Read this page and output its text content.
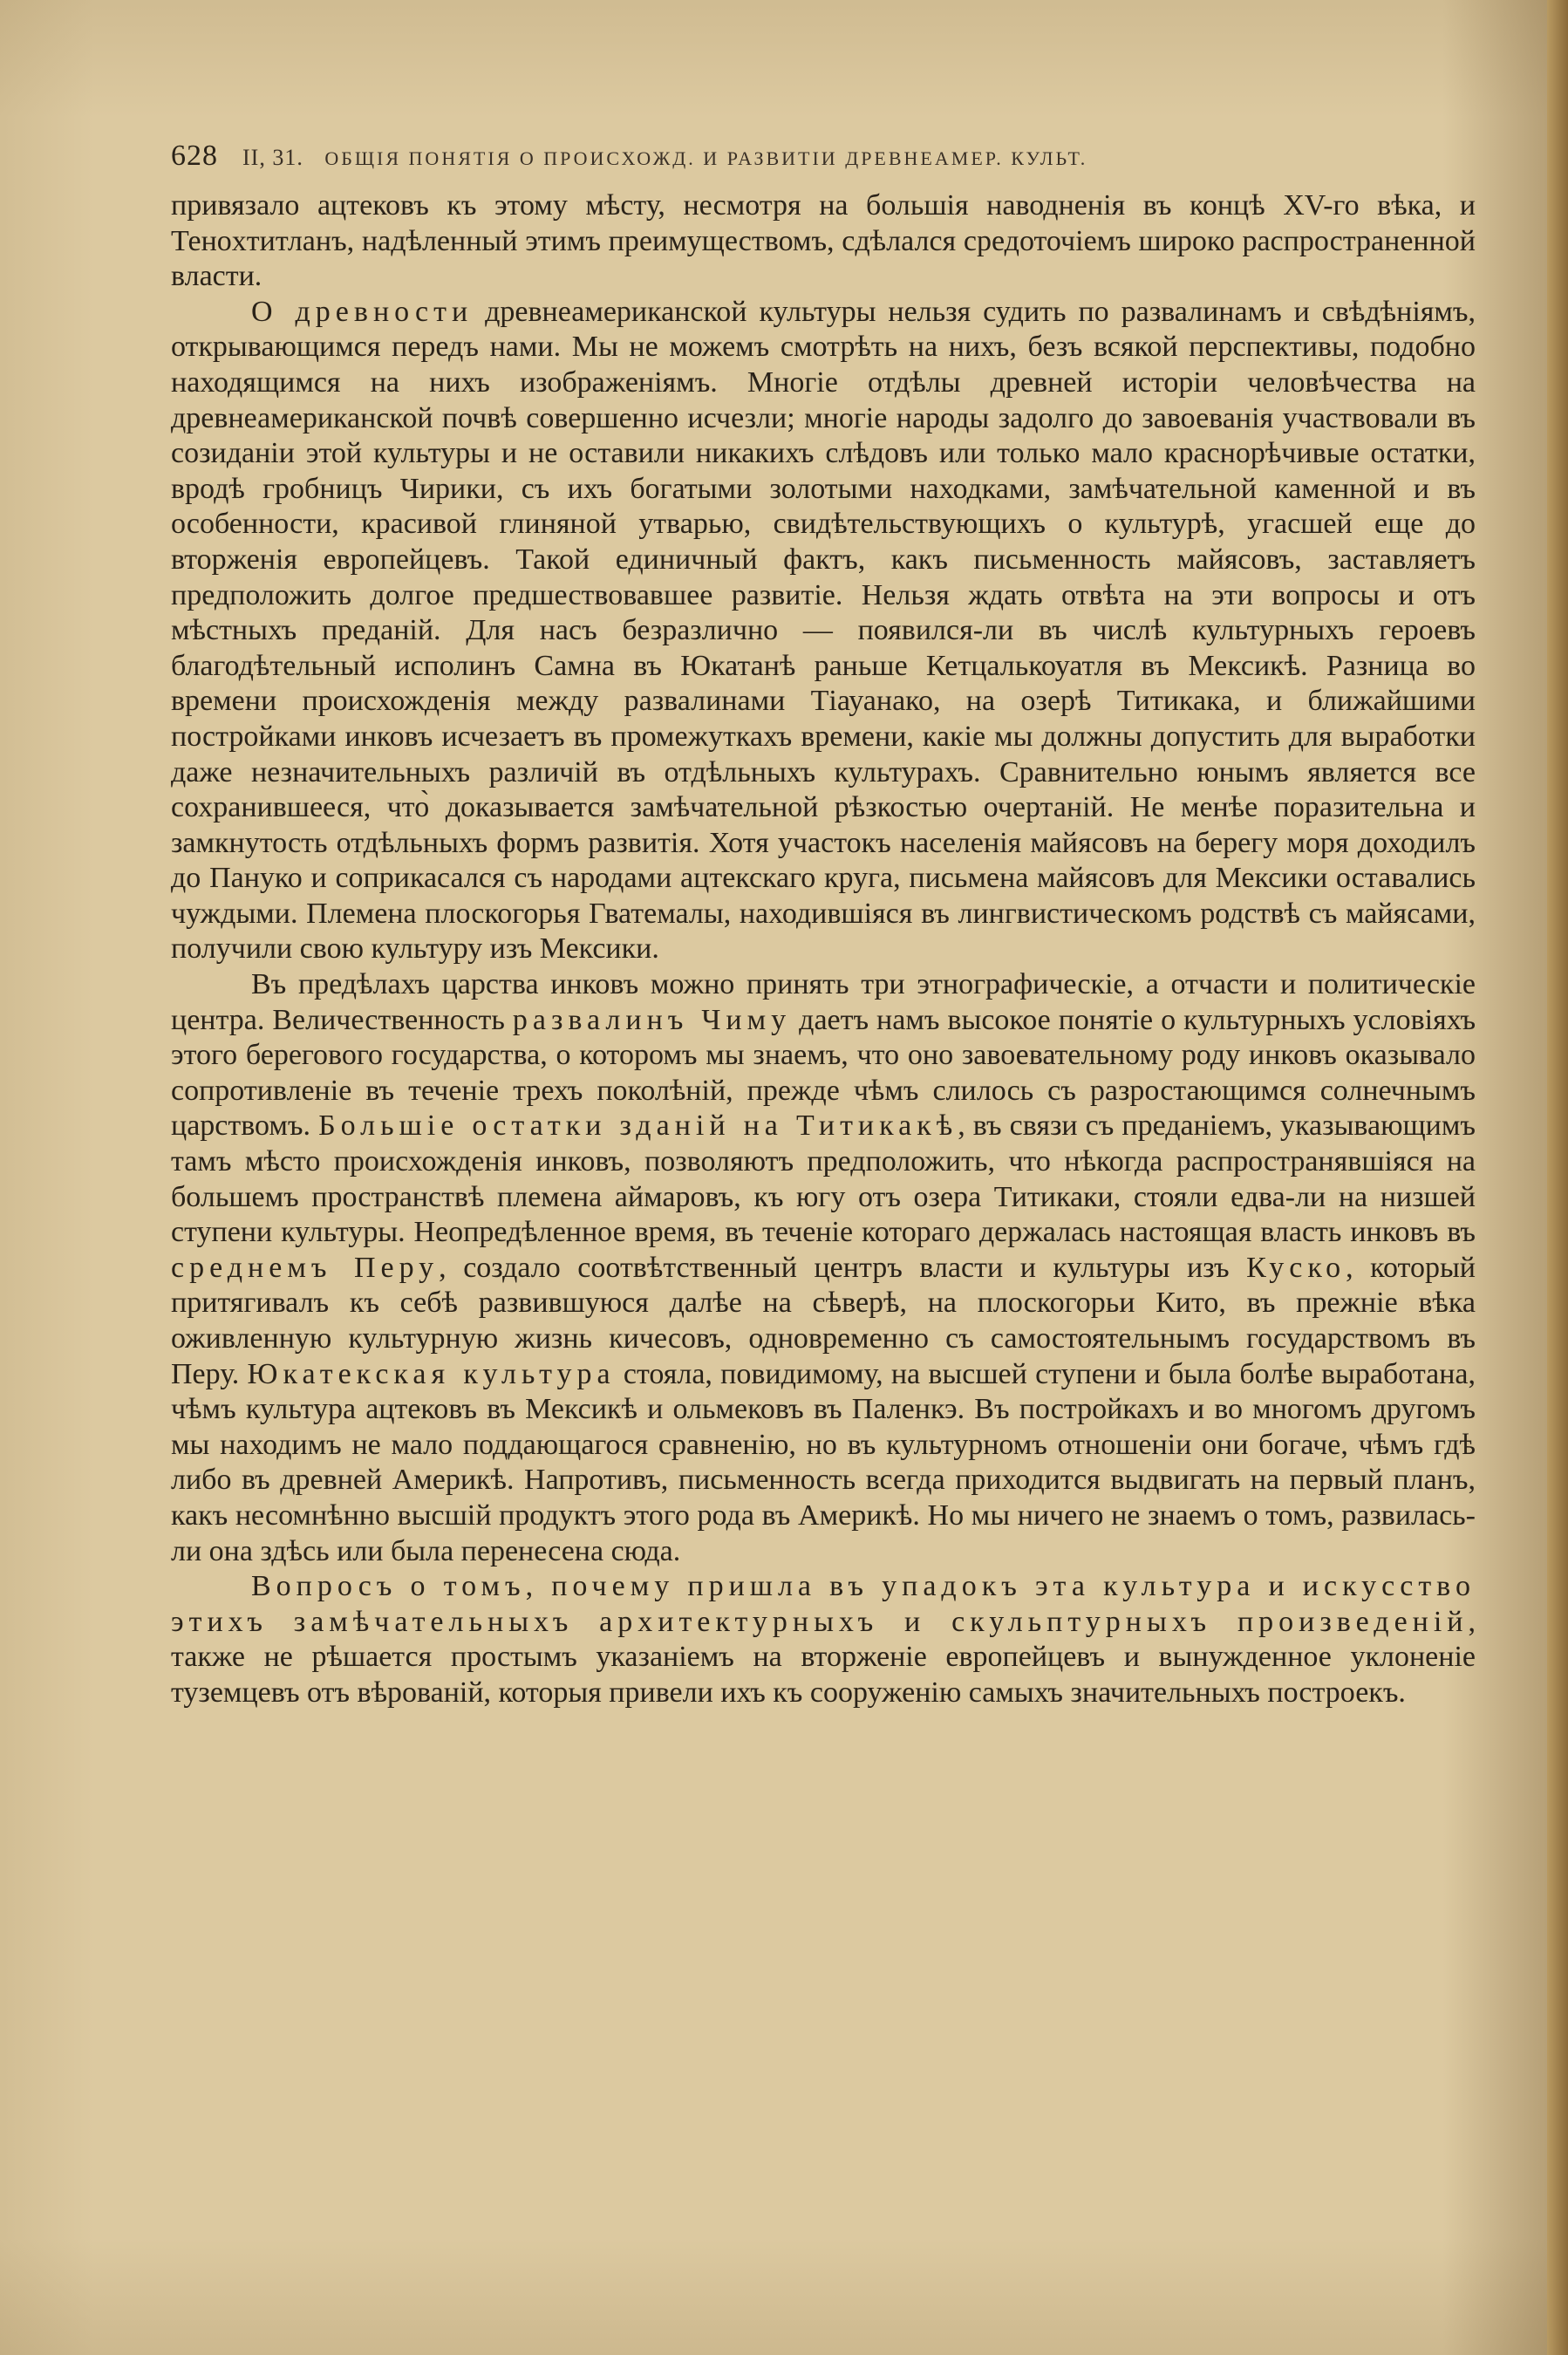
628 II, 31. ОБЩІЯ ПОНЯТІЯ О ПРОИСХОЖД. И РАЗВИТІИ ДРЕВНЕАМЕР. КУЛЬТ.

привязало ацтековъ къ этому мѣсту, несмотря на большія наводненія въ концѣ XV-го вѣка, и Теноxтитланъ, надѣленный этимъ преимуществомъ, сдѣлался средоточіемъ широко распространенной власти.

О древности древнеамериканской культуры нельзя судить по развалинамъ и свѣдѣніямъ, открывающимся передъ нами. Мы не можемъ смотрѣть на нихъ, безъ всякой перспективы, подобно находящимся на нихъ изображеніямъ. Многіе отдѣлы древней исторіи человѣчества на древнеамериканской почвѣ совершенно исчезли; многіе народы задолго до завоеванія участвовали въ созиданіи этой культуры и не оставили никакихъ слѣдовъ или только мало краснорѣчивые остатки, вродѣ гробницъ Чирики, съ ихъ богатыми золотыми находками, замѣчательной каменной и въ особенности, красивой глиняной утварью, свидѣтельствующихъ о культурѣ, угасшей еще до вторженія европейцевъ. Такой единичный фактъ, какъ письменность майясовъ, заставляетъ предположить долгое предшествовавшее развитіе. Нельзя ждать отвѣта на эти вопросы и отъ мѣстныхъ преданій. Для насъ безразлично — появился-ли въ числѣ культурныхъ героевъ благодѣтельный исполинъ Самна въ Юкатанѣ раньше Кетцалькоуатля въ Мексикѣ. Разница во времени происхожденія между развалинами Тіауанако, на озерѣ Титикака, и ближайшими постройками инковъ исчезаетъ въ промежуткахъ времени, какіе мы должны допустить для выработки даже незначительныхъ различій въ отдѣльныхъ культурахъ. Сравнительно юнымъ является все сохранившееся, что̀ доказывается замѣчательной рѣзкостью очертаній. Не менѣе поразительна и замкнутость отдѣльныхъ формъ развитія. Хотя участокъ населенія майясовъ на берегу моря доходилъ до Пануко и соприкасался съ народами ацтекскаго круга, письмена майясовъ для Мексики оставались чуждыми. Племена плоскогорья Гватемалы, находившіяся въ лингвистическомъ родствѣ съ майясами, получили свою культуру изъ Мексики.

Въ предѣлахъ царства инковъ можно принять три этнографическіе, а отчасти и политическіе центра. Величественность развалинъ Чиму даетъ намъ высокое понятіе о культурныхъ условіяхъ этого берегового государства, о которомъ мы знаемъ, что оно завоевательному роду инковъ оказывало сопротивленіе въ теченіе трехъ поколѣній, прежде чѣмъ слилось съ разростающимся солнечнымъ царствомъ. Большіе остатки зданій на Титикакѣ, въ связи съ преданіемъ, указывающимъ тамъ мѣсто происхожденія инковъ, позволяютъ предположить, что нѣкогда распространявшіяся на большемъ пространствѣ племена аймаровъ, къ югу отъ озера Титикаки, стояли едва-ли на низшей ступени культуры. Неопредѣленное время, въ теченіе котораго держалась настоящая власть инковъ въ среднемъ Перу, создало соотвѣтственный центръ власти и культуры изъ Куско, который притягивалъ къ себѣ развившуюся далѣе на сѣверѣ, на плоскогорьи Кито, въ прежніе вѣка оживленную культурную жизнь кичесовъ, одновременно съ самостоятельнымъ государствомъ въ Перу. Юкатекская культура стояла, повидимому, на высшей ступени и была болѣе выработана, чѣмъ культура ацтековъ въ Мексикѣ и ольмековъ въ Паленкэ. Въ постройкахъ и во многомъ другомъ мы находимъ не мало поддающагося сравненію, но въ культурномъ отношеніи они богаче, чѣмъ гдѣ либо въ древней Америкѣ. Напротивъ, письменность всегда приходится выдвигать на первый планъ, какъ несомнѣнно высшій продуктъ этого рода въ Америкѣ. Но мы ничего не знаемъ о томъ, развилась-ли она здѣсь или была перенесена сюда.

Вопросъ о томъ, почему пришла въ упадокъ эта культура и искусство этихъ замѣчательныхъ архитектурныхъ и скульптурныхъ произведеній, также не рѣшается простымъ указаніемъ на вторженіе европейцевъ и вынужденное уклоненіе туземцевъ отъ вѣрованій, которыя привели ихъ къ сооруженію самыхъ значительныхъ построекъ.
